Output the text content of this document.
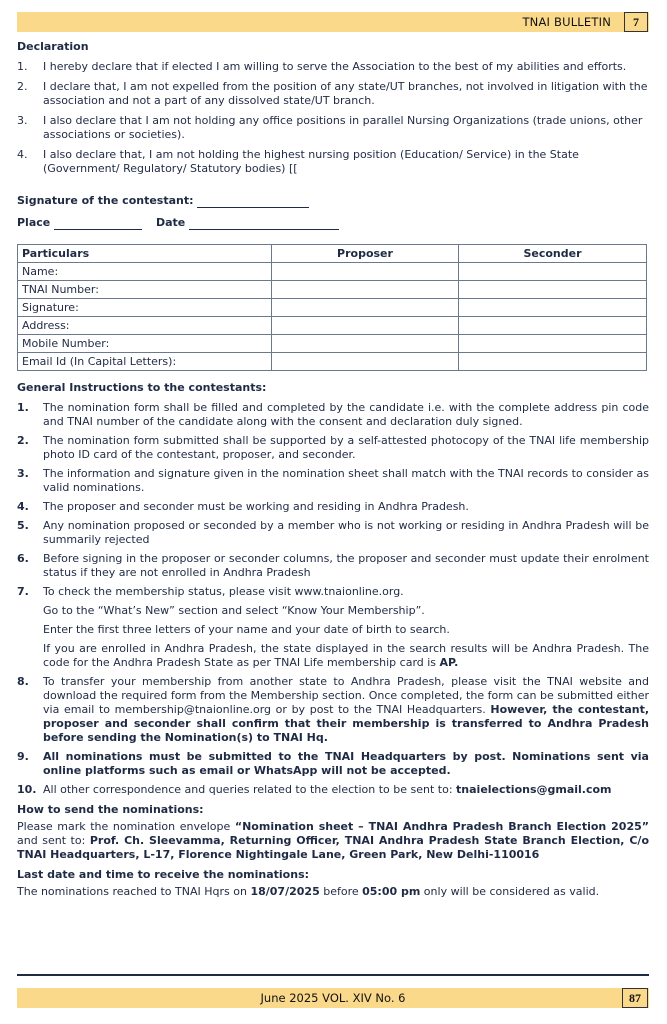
TNAI BULLETIN	7
Declaration
1. I hereby declare that if elected I am willing to serve the Association to the best of my abilities and efforts.
2. I declare that, I am not expelled from the position of any state/UT branches, not involved in litigation with the association and not a part of any dissolved state/UT branch.
3. I also declare that I am not holding any office positions in parallel Nursing Organizations (trade unions, other associations or societies).
4. I also declare that, I am not holding the highest nursing position (Education/ Service) in the State (Government/ Regulatory/ Statutory bodies) [[
Signature of the contestant:
Place	Date
Particulars	Proposer	Seconder
Name:		
TNAI Number:		
Signature:		
Address:		
Mobile Number:		
Email Id (In Capital Letters):		
General Instructions to the contestants:
1. The nomination form shall be filled and completed by the candidate i.e. with the complete address pin code and TNAI number of the candidate along with the consent and declaration duly signed.
2. The nomination form submitted shall be supported by a self-attested photocopy of the TNAI life membership photo ID card of the contestant, proposer, and seconder.
3. The information and signature given in the nomination sheet shall match with the TNAI records to consider as valid nominations.
4. The proposer and seconder must be working and residing in Andhra Pradesh.
5. Any nomination proposed or seconded by a member who is not working or residing in Andhra Pradesh will be summarily rejected
6. Before signing in the proposer or seconder columns, the proposer and seconder must update their enrolment status if they are not enrolled in Andhra Pradesh
7. To check the membership status, please visit www.tnaionline.org.

Go to the “What’s New” section and select “Know Your Membership”.

Enter the first three letters of your name and your date of birth to search.

If you are enrolled in Andhra Pradesh, the state displayed in the search results will be Andhra Pradesh. The code for the Andhra Pradesh State as per TNAI Life membership card is AP.

8. To transfer your membership from another state to Andhra Pradesh, please visit the TNAI website and download the required form from the Membership section. Once completed, the form can be submitted either via email to membership@tnaionline.org or by post to the TNAI Headquarters. However, the contestant, proposer and seconder shall confirm that their membership is transferred to Andhra Pradesh before sending the Nomination(s) to TNAI Hq.
9. All nominations must be submitted to the TNAI Headquarters by post. Nominations sent via online platforms such as email or WhatsApp will not be accepted.
10. All other correspondence and queries related to the election to be sent to: tnaielections@gmail.com
How to send the nominations:
Please mark the nomination envelope “Nomination sheet – TNAI Andhra Pradesh Branch Election 2025” and sent to: Prof. Ch. Sleevamma, Returning Officer, TNAI Andhra Pradesh State Branch Election, C/o TNAI Headquarters, L-17, Florence Nightingale Lane, Green Park, New Delhi-110016
Last date and time to receive the nominations:
The nominations reached to TNAI Hqrs on 18/07/2025 before 05:00 pm only will be considered as valid.
June 2025 VOL. XIV No. 6	87
